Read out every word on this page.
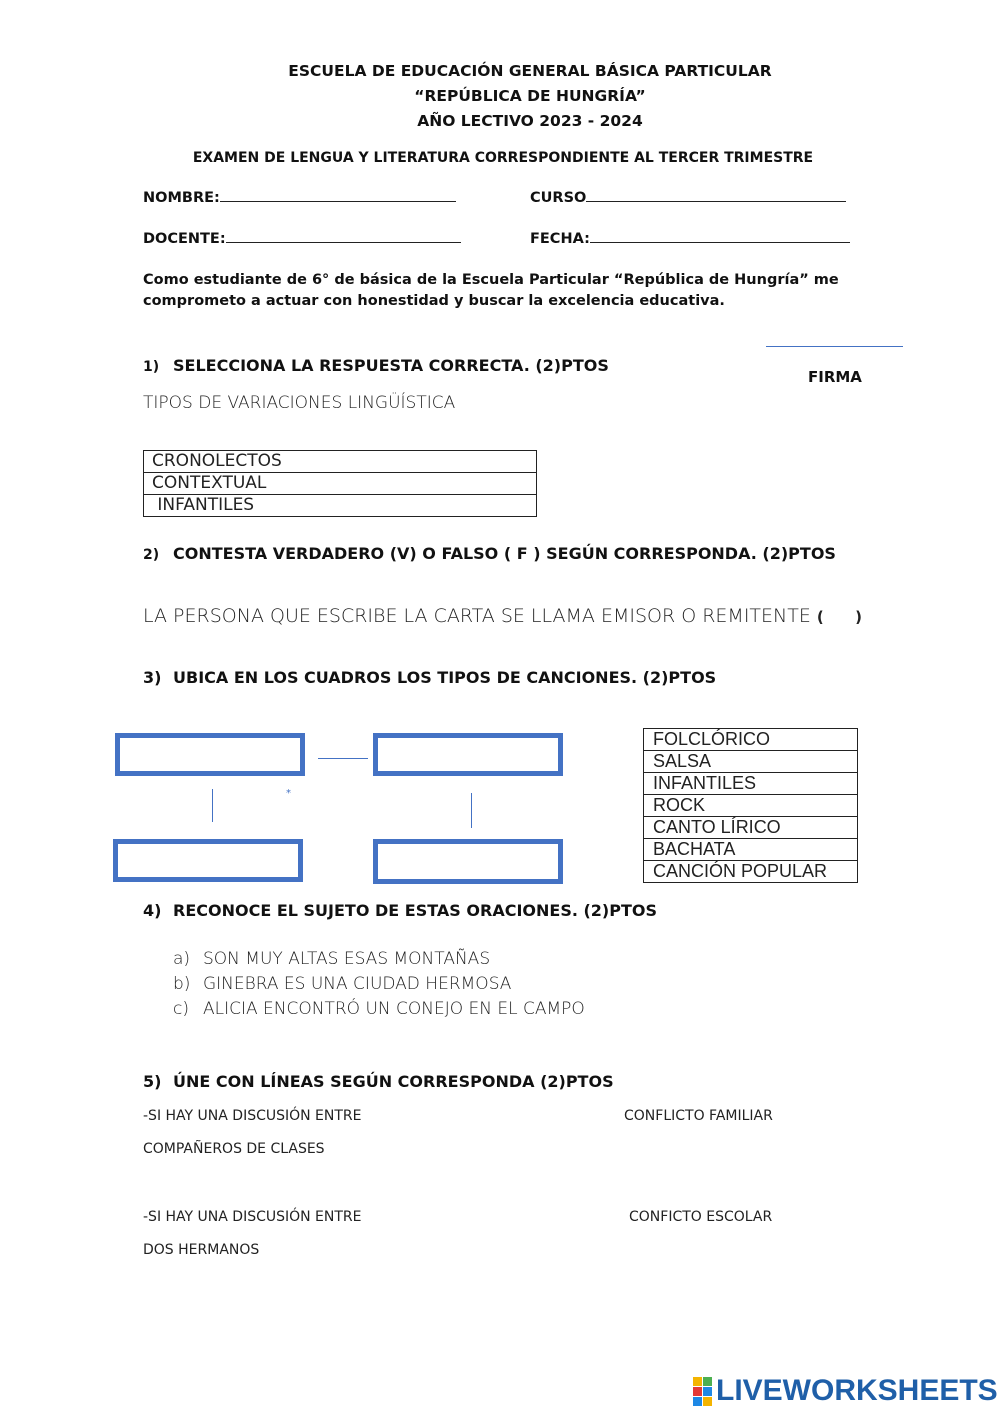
ESCUELA DE EDUCACIÓN GENERAL BÁSICA PARTICULAR
“REPÚBLICA DE HUNGRÍA”
AÑO LECTIVO 2023 - 2024
EXAMEN DE LENGUA Y LITERATURA CORRESPONDIENTE AL TERCER TRIMESTRE
NOMBRE:	CURSO
DOCENTE:	FECHA:
Como estudiante de 6° de básica de la Escuela Particular “República de Hungría” me
comprometo a actuar con honestidad y buscar la excelencia educativa.
FIRMA
1) SELECCIONA LA RESPUESTA CORRECTA. (2)PTOS
TIPOS DE VARIACIONES LINGÜÍSTICA
CRONOLECTOS
CONTEXTUAL
INFANTILES
2) CONTESTA VERDADERO (V) O FALSO ( F ) SEGÚN CORRESPONDA. (2)PTOS
LA PERSONA QUE ESCRIBE LA CARTA SE LLAMA EMISOR O REMITENTE (      )
3) UBICA EN LOS CUADROS LOS TIPOS DE CANCIONES. (2)PTOS
*
FOLCLÓRICO
SALSA
INFANTILES
ROCK
CANTO LÍRICO
BACHATA
CANCIÓN POPULAR
4) RECONOCE EL SUJETO DE ESTAS ORACIONES. (2)PTOS
a) SON MUY ALTAS ESAS MONTAÑAS
b) GINEBRA ES UNA CIUDAD HERMOSA
c) ALICIA ENCONTRÓ UN CONEJO EN EL CAMPO
5) ÚNE CON LÍNEAS SEGÚN CORRESPONDA (2)PTOS
-SI HAY UNA DISCUSIÓN ENTRE
COMPAÑEROS DE CLASES
CONFLICTO FAMILIAR
-SI HAY UNA DISCUSIÓN ENTRE
DOS HERMANOS
CONFICTO ESCOLAR
LIVEWORKSHEETS
